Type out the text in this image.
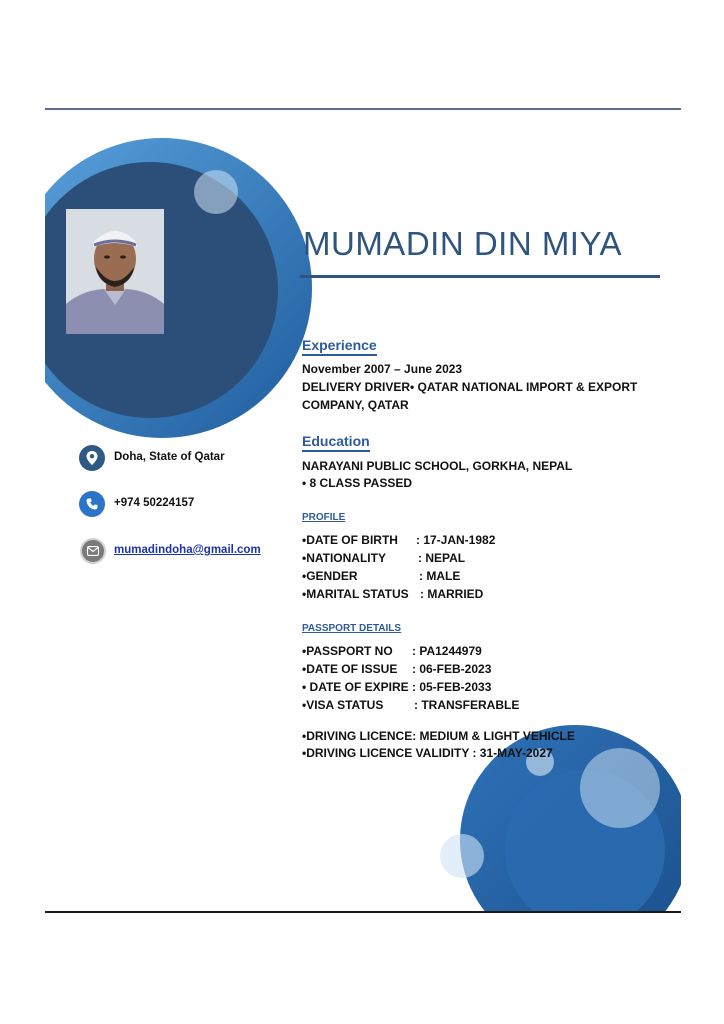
MUMADIN DIN MIYA
Doha, State of Qatar
+974 50224157
mumadindoha@gmail.com
Experience
November 2007 – June 2023
DELIVERY DRIVER• QATAR NATIONAL IMPORT & EXPORT
COMPANY, QATAR
Education
NARAYANI PUBLIC SCHOOL, GORKHA, NEPAL
• 8 CLASS PASSED
PROFILE
•DATE OF BIRTH	: 17-JAN-1982
•NATIONALITY	: NEPAL
•GENDER	: MALE
•MARITAL STATUS : MARRIED
PASSPORT DETAILS
•PASSPORT NO	: PA1244979
•DATE OF ISSUE	: 06-FEB-2023
• DATE OF EXPIRE : 05-FEB-2033
•VISA STATUS	: TRANSFERABLE
•DRIVING LICENCE: MEDIUM & LIGHT VEHICLE
•DRIVING LICENCE VALIDITY : 31-MAY-2027
